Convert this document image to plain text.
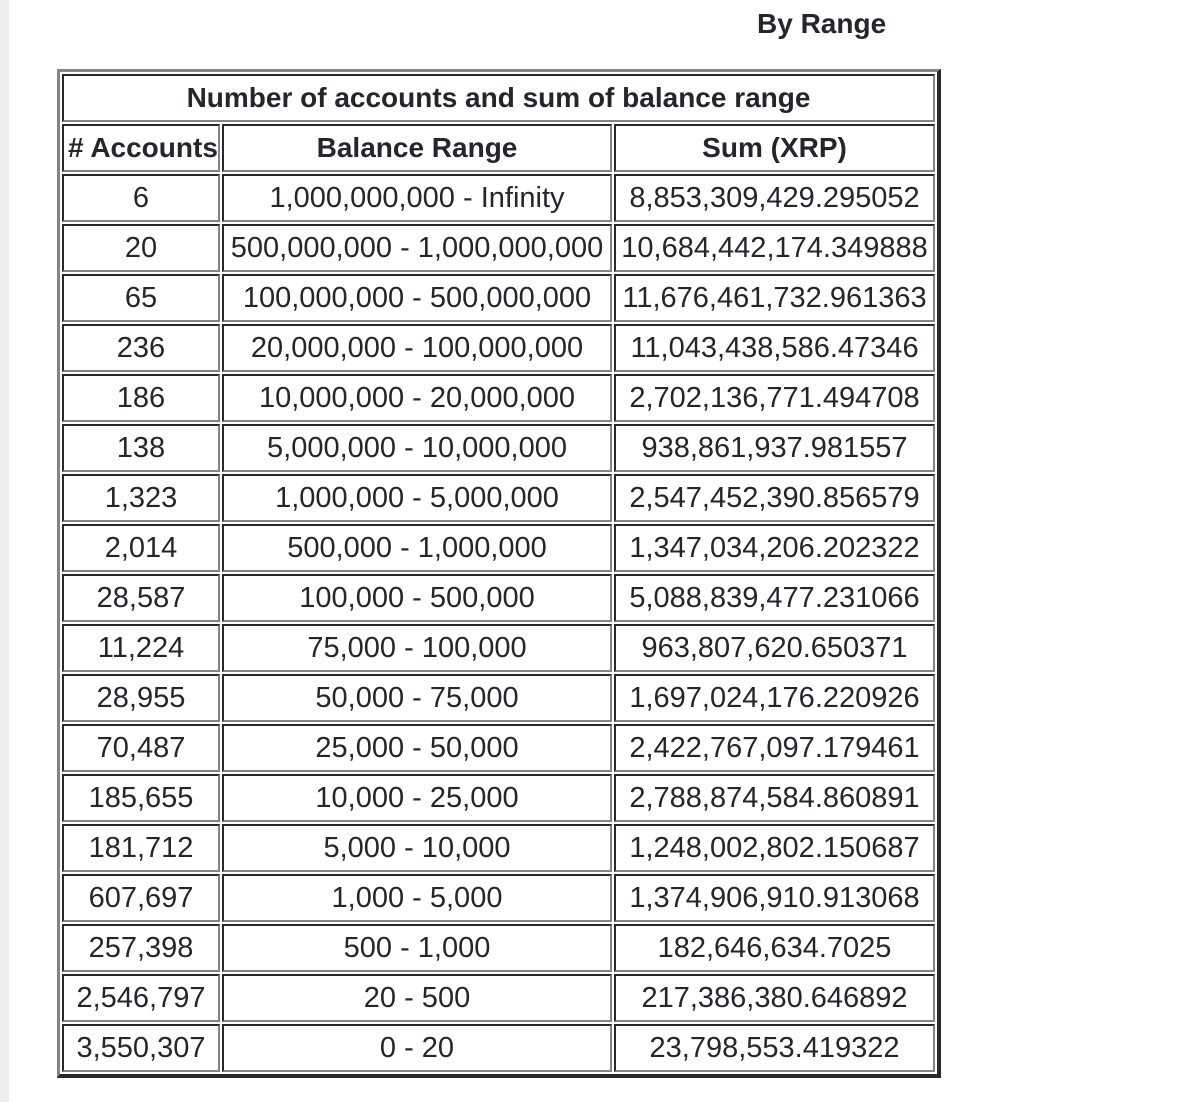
By Range
Number of accounts and sum of balance range		
# Accounts	Balance Range	Sum (XRP)
6	1,000,000,000 - Infinity	8,853,309,429.295052
20	500,000,000 - 1,000,000,000	10,684,442,174.349888
65	100,000,000 - 500,000,000	11,676,461,732.961363
236	20,000,000 - 100,000,000	11,043,438,586.47346
186	10,000,000 - 20,000,000	2,702,136,771.494708
138	5,000,000 - 10,000,000	938,861,937.981557
1,323	1,000,000 - 5,000,000	2,547,452,390.856579
2,014	500,000 - 1,000,000	1,347,034,206.202322
28,587	100,000 - 500,000	5,088,839,477.231066
11,224	75,000 - 100,000	963,807,620.650371
28,955	50,000 - 75,000	1,697,024,176.220926
70,487	25,000 - 50,000	2,422,767,097.179461
185,655	10,000 - 25,000	2,788,874,584.860891
181,712	5,000 - 10,000	1,248,002,802.150687
607,697	1,000 - 5,000	1,374,906,910.913068
257,398	500 - 1,000	182,646,634.7025
2,546,797	20 - 500	217,386,380.646892
3,550,307	0 - 20	23,798,553.419322
